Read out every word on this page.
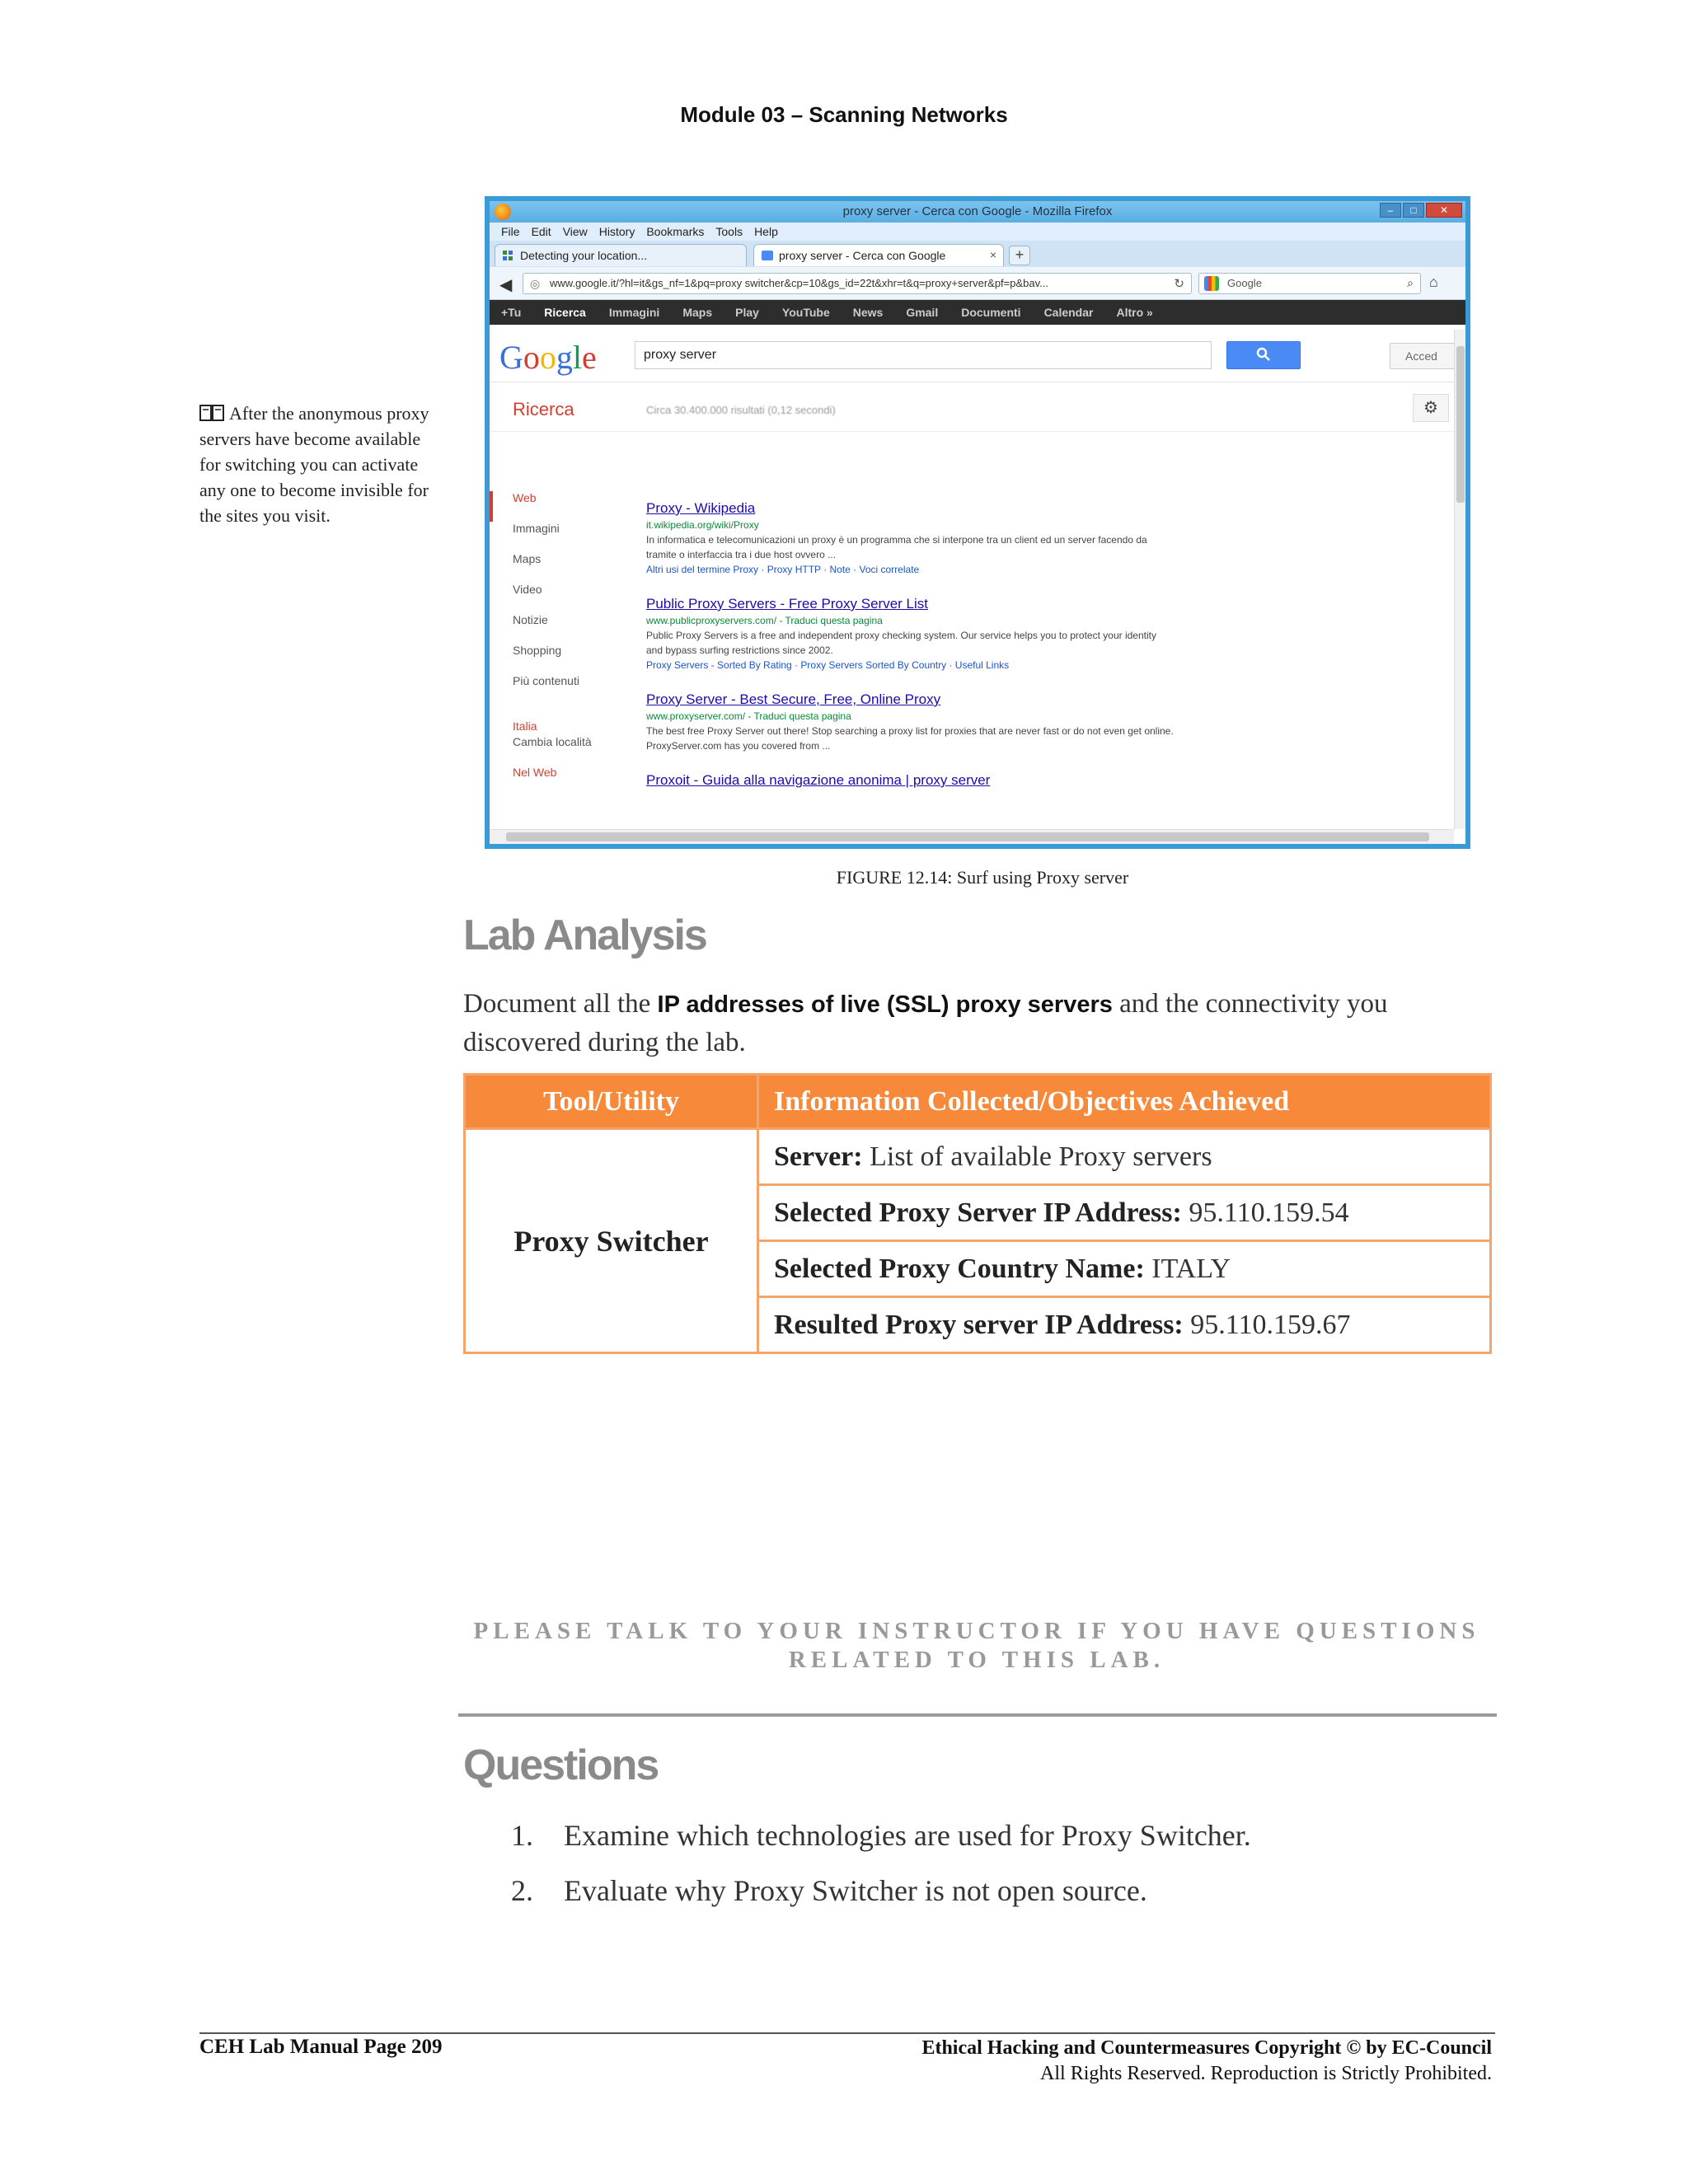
Module 03 – Scanning Networks
After the anonymous proxy servers have become available for switching you can activate any one to become invisible for the sites you visit.
proxy server - Cerca con Google - Mozilla Firefox	–	□	✕
File Edit View History Bookmarks Tools Help
Detecting your location...	proxy server - Cerca con Google	×	+
◀ ◎ www.google.it/?hl=it&gs_nf=1&pq=proxy switcher&cp=10&gs_id=22t&xhr=t&q=proxy+server&pf=p&bav...	↻	Google	⌕ ⌂
+Tu Ricerca Immagini Maps Play YouTube News Gmail Documenti Calendar Altro »
Google	proxy server	Acced
Ricerca	Circa 30.400.000 risultati (0,12 secondi)	⚙
Web
Immagini
Maps
Video
Notizie
Shopping
Più contenuti
Italia
Cambia località
Nel Web
Proxy - Wikipedia
it.wikipedia.org/wiki/Proxy
In informatica e telecomunicazioni un proxy è un programma che si interpone tra un client ed un server facendo da tramite o interfaccia tra i due host ovvero ...
Altri usi del termine Proxy · Proxy HTTP · Note · Voci correlate
Public Proxy Servers - Free Proxy Server List
www.publicproxyservers.com/ - Traduci questa pagina
Public Proxy Servers is a free and independent proxy checking system. Our service helps you to protect your identity and bypass surfing restrictions since 2002.
Proxy Servers - Sorted By Rating · Proxy Servers Sorted By Country · Useful Links
Proxy Server - Best Secure, Free, Online Proxy
www.proxyserver.com/ - Traduci questa pagina
The best free Proxy Server out there! Stop searching a proxy list for proxies that are never fast or do not even get online. ProxyServer.com has you covered from ...
Proxoit - Guida alla navigazione anonima | proxy server
FIGURE 12.14: Surf using Proxy server
Lab Analysis
Document all the IP addresses of live (SSL) proxy servers and the connectivity you discovered during the lab.
Tool/Utility	Information Collected/Objectives Achieved
Proxy Switcher	Server: List of available Proxy servers
	Selected Proxy Server IP Address: 95.110.159.54
	Selected Proxy Country Name: ITALY
	Resulted Proxy server IP Address: 95.110.159.67
PLEASE TALK TO YOUR INSTRUCTOR IF YOU HAVE QUESTIONS RELATED TO THIS LAB.
Questions
1. Examine which technologies are used for Proxy Switcher.
2. Evaluate why Proxy Switcher is not open source.
CEH Lab Manual Page 209	Ethical Hacking and Countermeasures Copyright © by EC-Council
All Rights Reserved. Reproduction is Strictly Prohibited.
